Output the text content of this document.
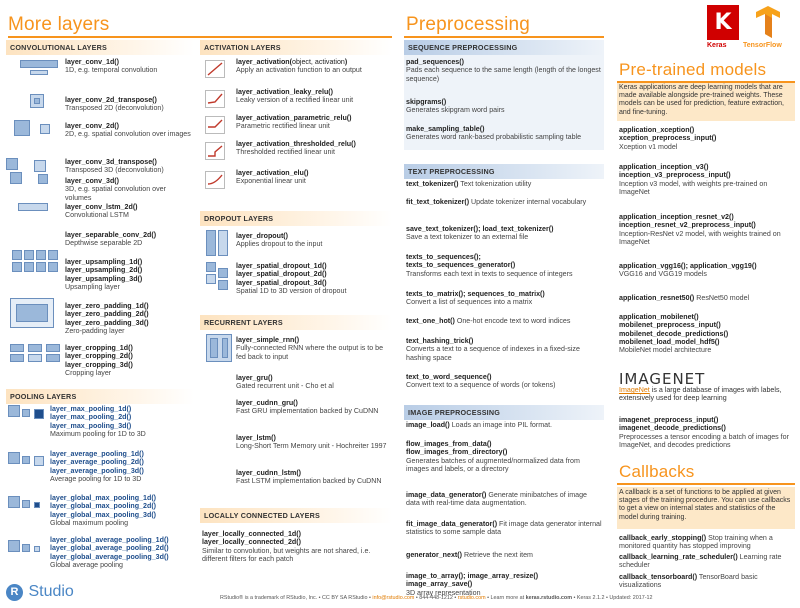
More layers
CONVOLUTIONAL LAYERS	ACTIVATION LAYERS
layer_conv_1d()
1D, e.g. temporal convolution
layer_conv_2d_transpose()
Transposed 2D (deconvolution)
layer_conv_2d()
2D, e.g. spatial convolution over images
layer_conv_3d_transpose()
Transposed 3D (deconvolution)
layer_conv_3d()
3D, e.g. spatial convolution over volumes
layer_conv_lstm_2d()
Convolutional LSTM
layer_separable_conv_2d()
Depthwise separable 2D
layer_upsampling_1d()
layer_upsampling_2d()
layer_upsampling_3d()
Upsampling layer
layer_zero_padding_1d()
layer_zero_padding_2d()
layer_zero_padding_3d()
Zero-padding layer
layer_cropping_1d()
layer_cropping_2d()
layer_cropping_3d()
Cropping layer
POOLING LAYERS
layer_max_pooling_1d()
layer_max_pooling_2d()
layer_max_pooling_3d()
Maximum pooling for 1D to 3D
layer_average_pooling_1d()
layer_average_pooling_2d()
layer_average_pooling_3d()
Average pooling for 1D to 3D
layer_global_max_pooling_1d()
layer_global_max_pooling_2d()
layer_global_max_pooling_3d()
Global maximum pooling
layer_global_average_pooling_1d()
layer_global_average_pooling_2d()
layer_global_average_pooling_3d()
Global average pooling
layer_activation(object, activation)
Apply an activation function to an output
layer_activation_leaky_relu()
Leaky version of a rectified linear unit
layer_activation_parametric_relu()
Parametric rectified linear unit
layer_activation_thresholded_relu()
Thresholded rectified linear unit
layer_activation_elu()
Exponential linear unit
DROPOUT LAYERS
layer_dropout()
Applies dropout to the input
layer_spatial_dropout_1d()
layer_spatial_dropout_2d()
layer_spatial_dropout_3d()
Spatial 1D to 3D version of dropout
RECURRENT LAYERS
layer_simple_rnn()
Fully-connected RNN where the output is to be fed back to input
layer_gru()
Gated recurrent unit - Cho et al
layer_cudnn_gru()
Fast GRU implementation backed by CuDNN
layer_lstm()
Long-Short Term Memory unit - Hochreiter 1997
layer_cudnn_lstm()
Fast LSTM implementation backed by CuDNN
LOCALLY CONNECTED LAYERS
layer_locally_connected_1d()
layer_locally_connected_2d()
Similar to convolution, but weights are not shared, i.e. different filters for each patch
Preprocessing
SEQUENCE PREPROCESSING
pad_sequences()
Pads each sequence to the same length (length of the longest sequence)
skipgrams()
Generates skipgram word pairs
make_sampling_table()
Generates word rank-based probabilistic sampling table
TEXT PREPROCESSING
text_tokenizer() Text tokenization utility
fit_text_tokenizer() Update tokenizer internal vocabulary
save_text_tokenizer(); load_text_tokenizer()
Save a text tokenizer to an external file
texts_to_sequences();
texts_to_sequences_generator()
Transforms each text in texts to sequence of integers
texts_to_matrix(); sequences_to_matrix()
Convert a list of sequences into a matrix
text_one_hot() One-hot encode text to word indices
text_hashing_trick()
Converts a text to a sequence of indexes in a fixed-size hashing space
text_to_word_sequence()
Convert text to a sequence of words (or tokens)
IMAGE PREPROCESSING
image_load() Loads an image into PIL format.
flow_images_from_data()
flow_images_from_directory()
Generates batches of augmented/normalized data from images and labels, or a directory
image_data_generator() Generate minibatches of image data with real-time data augmentation.
fit_image_data_generator() Fit image data generator internal statistics to some sample data
generator_next() Retrieve the next item
image_to_array(); image_array_resize()
image_array_save()
3D array representation
K
Keras TensorFlow
Pre-trained models
Keras applications are deep learning models that are made available alongside pre-trained weights. These models can be used for prediction, feature extraction, and fine-tuning.
application_xception()
xception_preprocess_input()
Xception v1 model
application_inception_v3()
inception_v3_preprocess_input()
Inception v3 model, with weights pre-trained on ImageNet
application_inception_resnet_v2()
inception_resnet_v2_preprocess_input()
Inception-ResNet v2 model, with weights trained on ImageNet
application_vgg16(); application_vgg19()
VGG16 and VGG19 models
application_resnet50() ResNet50 model
application_mobilenet()
mobilenet_preprocess_input()
mobilenet_decode_predictions()
mobilenet_load_model_hdf5()
MobileNet model architecture
IMAGENET
ImageNet is a large database of images with labels, extensively used for deep learning
imagenet_preprocess_input()
imagenet_decode_predictions()
Preprocesses a tensor encoding a batch of images for ImageNet, and decodes predictions
Callbacks
A callback is a set of functions to be applied at given stages of the training procedure. You can use callbacks to get a view on internal states and statistics of the model during training.
callback_early_stopping() Stop training when a monitored quantity has stopped improving
callback_learning_rate_scheduler() Learning rate scheduler
callback_tensorboard() TensorBoard basic visualizations
R Studio	RStudio® is a trademark of RStudio, Inc. • CC BY SA RStudio • info@rstudio.com • 844-448-1212 • rstudio.com • Learn more at keras.rstudio.com • Keras 2.1.2 • Updated: 2017-12
